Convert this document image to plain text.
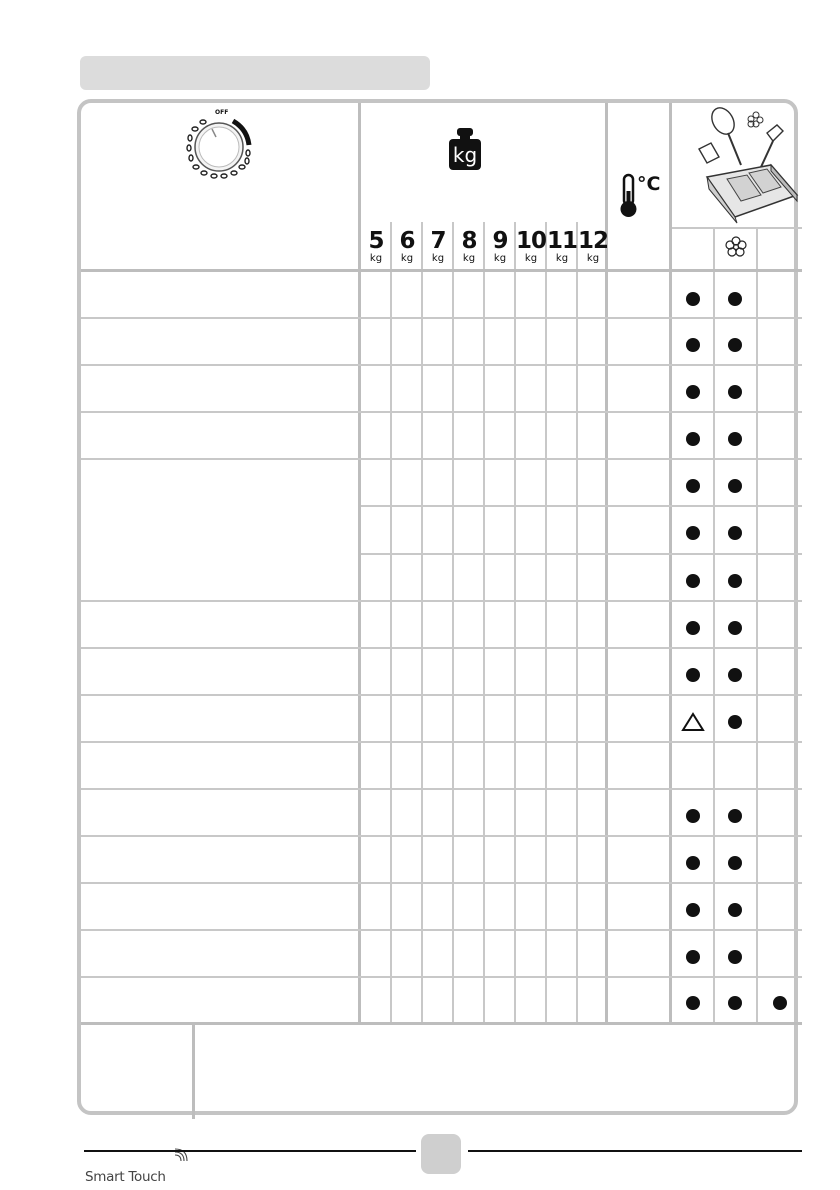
OFF
kg
5
kg
6
kg
7
kg
8
kg
9
kg
10
kg
11
kg
12
kg
°C
Smart Touch
